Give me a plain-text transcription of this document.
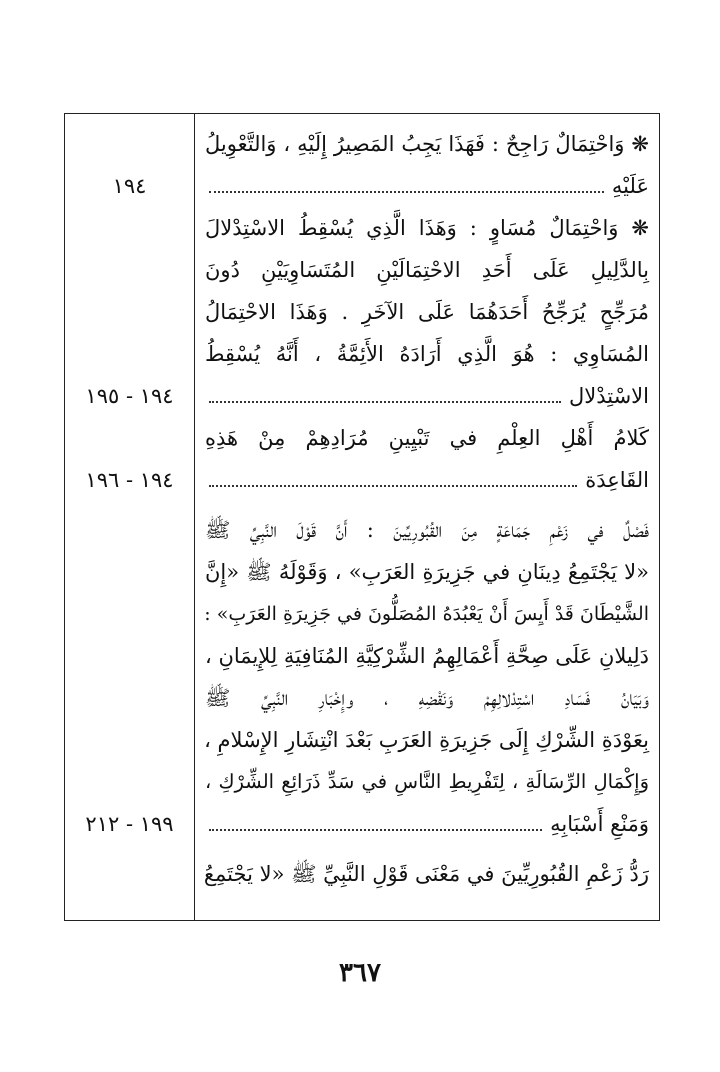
❋ وَاحْتِمَالٌ رَاجِحٌ : فَهَذَا يَجِبُ المَصِيرُ إِلَيْهِ ، وَالتَّعْوِيلُ
عَلَيْهِ
❋ وَاحْتِمَالٌ مُسَاوٍ : وَهَذَا الَّذِي يُسْقِطُ الاسْتِدْلالَ
بِالدَّلِيلِ عَلَى أَحَدِ الاحْتِمَالَيْنِ المُتَسَاوِيَيْنِ دُونَ
مُرَجِّحٍ يُرَجِّحُ أَحَدَهُمَا عَلَى الآخَرِ . وَهَذَا الاحْتِمَالُ
المُسَاوِي : هُوَ الَّذِي أَرَادَهُ الأَئِمَّةُ ، أَنَّهُ يُسْقِطُ
الاسْتِدْلال
كَلامُ أَهْلِ العِلْمِ في تَبْيِينِ مُرَادِهِمْ مِنْ هَذِهِ
القَاعِدَة
فَصْلٌ في زَعْمِ جَمَاعَةٍ مِنَ القُبُورِيِّينَ : أَنَّ قَوْلَ النَّبِيِّ ﷺ
«لا يَجْتَمِعُ دِينَانِ في جَزِيرَةِ العَرَبِ» ، وَقَوْلَهُ ﷺ «إِنَّ
الشَّيْطَانَ قَدْ أَيِسَ أَنْ يَعْبُدَهُ المُصَلُّونَ في جَزِيرَةِ العَرَبِ» :
دَلِيلانِ عَلَى صِحَّةِ أَعْمَالِهِمُ الشِّرْكِيَّةِ المُنَافِيَةِ لِلإِيمَانِ ،
وَبَيَانُ فَسَادِ اسْتِدْلالِهِمْ وَنَقْضِهِ ، وإِخْبَارِ النَّبِيِّ ﷺ
بِعَوْدَةِ الشِّرْكِ إِلَى جَزِيرَةِ العَرَبِ بَعْدَ انْتِشَارِ الإِسْلامِ ،
وَإِكْمَالِ الرِّسَالَةِ ، لِتَفْرِيطِ النَّاسِ في سَدِّ ذَرَائِعِ الشِّرْكِ ،
وَمَنْعِ أَسْبَابِهِ
رَدُّ زَعْمِ القُبُورِيِّينَ في مَعْنَى قَوْلِ النَّبِيِّ ﷺ «لا يَجْتَمِعُ
١٩٤
١٩٤ - ١٩٥
١٩٤ - ١٩٦
١٩٩ - ٢١٢
٣٦٧
